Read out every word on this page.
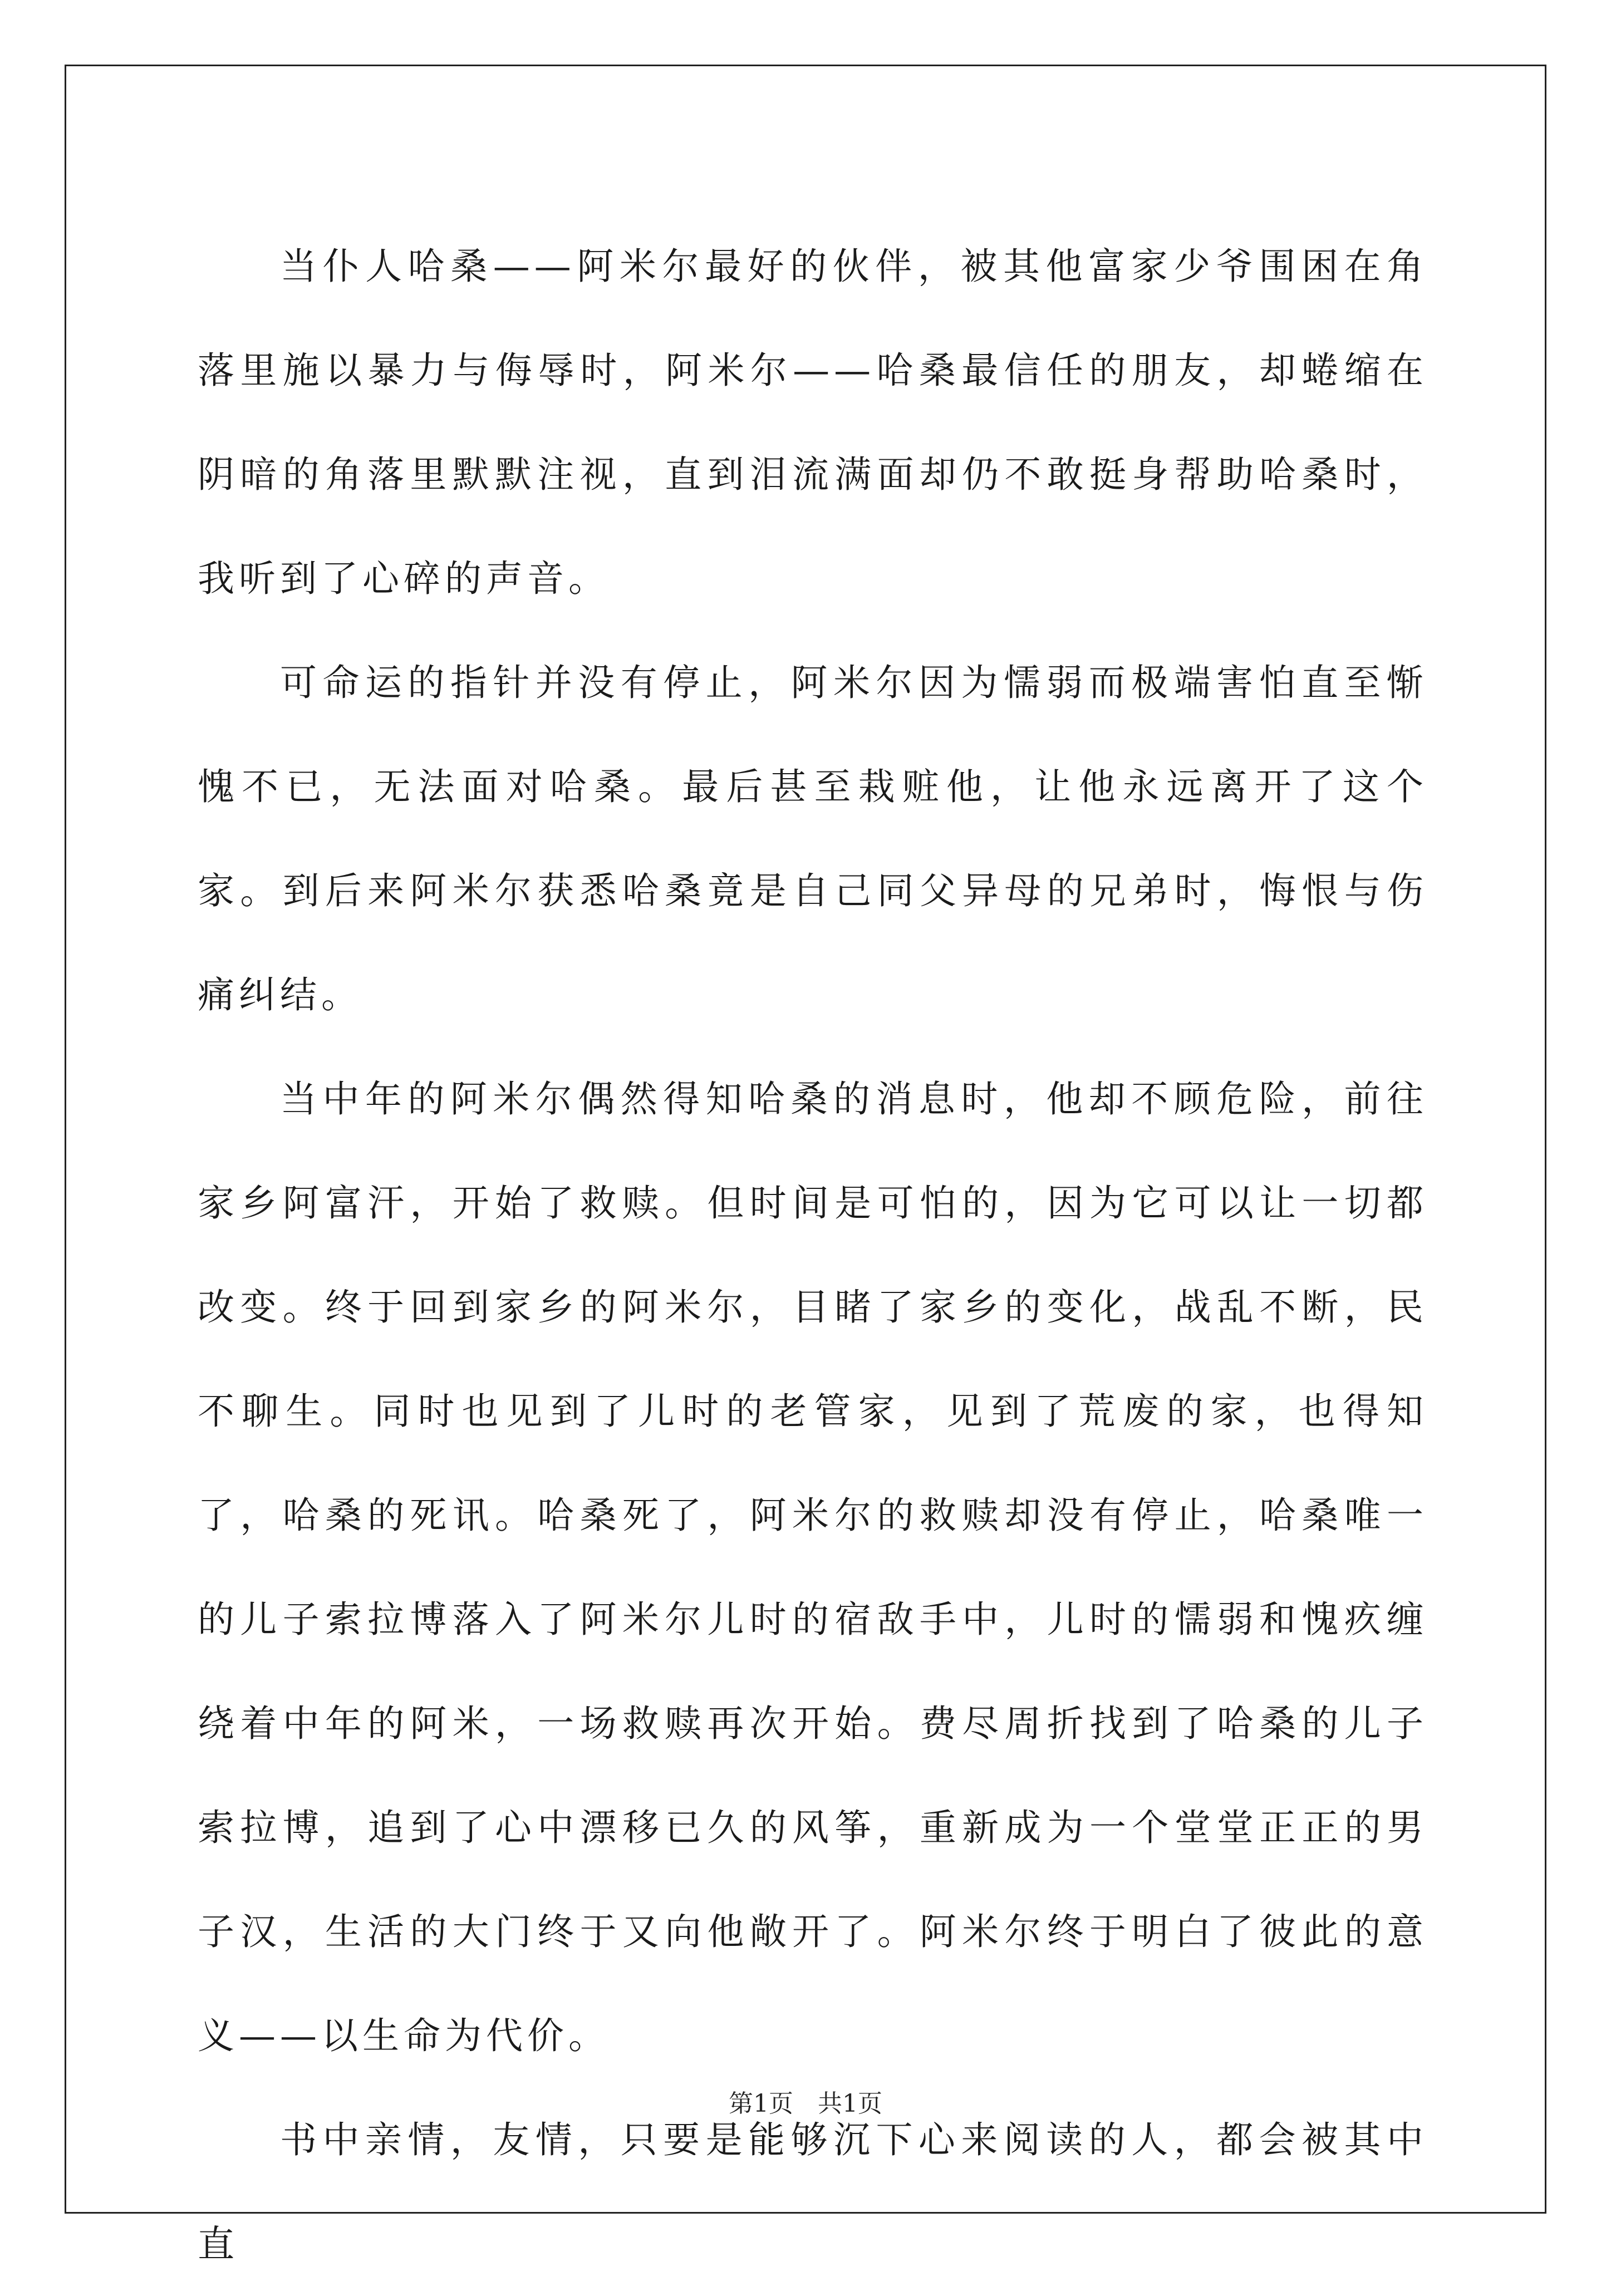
当仆人哈桑——阿米尔最好的伙伴，被其他富家少爷围困在角落里施以暴力与侮辱时，阿米尔——哈桑最信任的朋友，却蜷缩在阴暗的角落里默默注视，直到泪流满面却仍不敢挺身帮助哈桑时，我听到了心碎的声音。

可命运的指针并没有停止，阿米尔因为懦弱而极端害怕直至惭愧不已，无法面对哈桑。最后甚至栽赃他，让他永远离开了这个家。到后来阿米尔获悉哈桑竟是自己同父异母的兄弟时，悔恨与伤痛纠结。

当中年的阿米尔偶然得知哈桑的消息时，他却不顾危险，前往家乡阿富汗，开始了救赎。但时间是可怕的，因为它可以让一切都改变。终于回到家乡的阿米尔，目睹了家乡的变化，战乱不断，民不聊生。同时也见到了儿时的老管家，见到了荒废的家，也得知了，哈桑的死讯。哈桑死了，阿米尔的救赎却没有停止，哈桑唯一的儿子索拉博落入了阿米尔儿时的宿敌手中，儿时的懦弱和愧疚缠绕着中年的阿米，一场救赎再次开始。费尽周折找到了哈桑的儿子索拉博，追到了心中漂移已久的风筝，重新成为一个堂堂正正的男子汉，生活的大门终于又向他敞开了。阿米尔终于明白了彼此的意义——以生命为代价。

书中亲情，友情，只要是能够沉下心来阅读的人，都会被其中直

第1页　共1页
